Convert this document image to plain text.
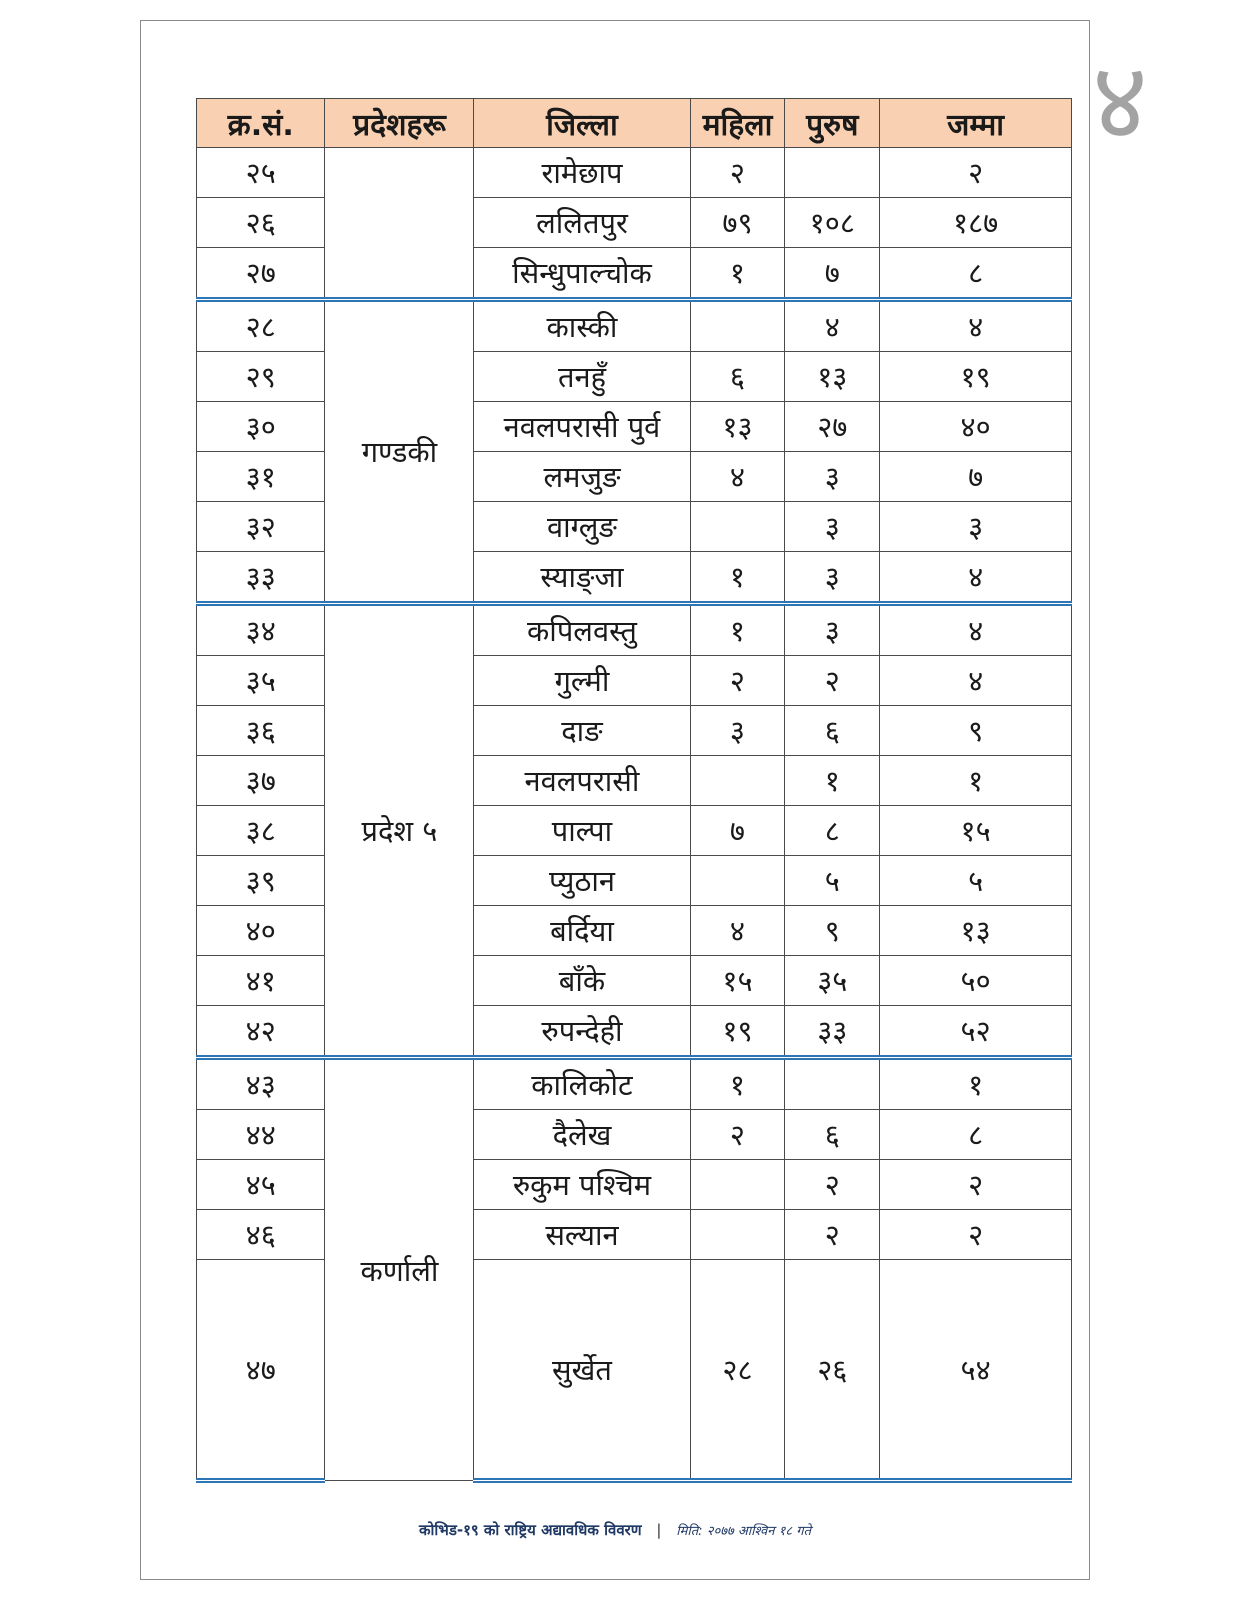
४
क्र.सं.	प्रदेशहरू	जिल्ला	महिला	पुरुष	जम्मा
२५		रामेछाप	२		२
२६		ललितपुर	७९	१०८	१८७
२७		सिन्धुपाल्चोक	१	७	८
२८	गण्डकी	कास्की		४	४
२९		तनहुँ	६	१३	१९
३०		नवलपरासी पुर्व	१३	२७	४०
३१		लमजुङ	४	३	७
३२		वाग्लुङ		३	३
३३		स्याङ्जा	१	३	४
३४	प्रदेश ५	कपिलवस्तु	१	३	४
३५		गुल्मी	२	२	४
३६		दाङ	३	६	९
३७		नवलपरासी		१	१
३८		पाल्पा	७	८	१५
३९		प्युठान		५	५
४०		बर्दिया	४	९	१३
४१		बाँके	१५	३५	५०
४२		रुपन्देही	१९	३३	५२
४३	कर्णाली	कालिकोट	१		१
४४		दैलेख	२	६	८
४५		रुकुम पश्चिम		२	२
४६		सल्यान		२	२
४७		सुर्खेत	२८	२६	५४
कोभिड-१९ को राष्ट्रिय अद्यावधिक विवरण | मिति: २०७७ आश्विन १८ गते
